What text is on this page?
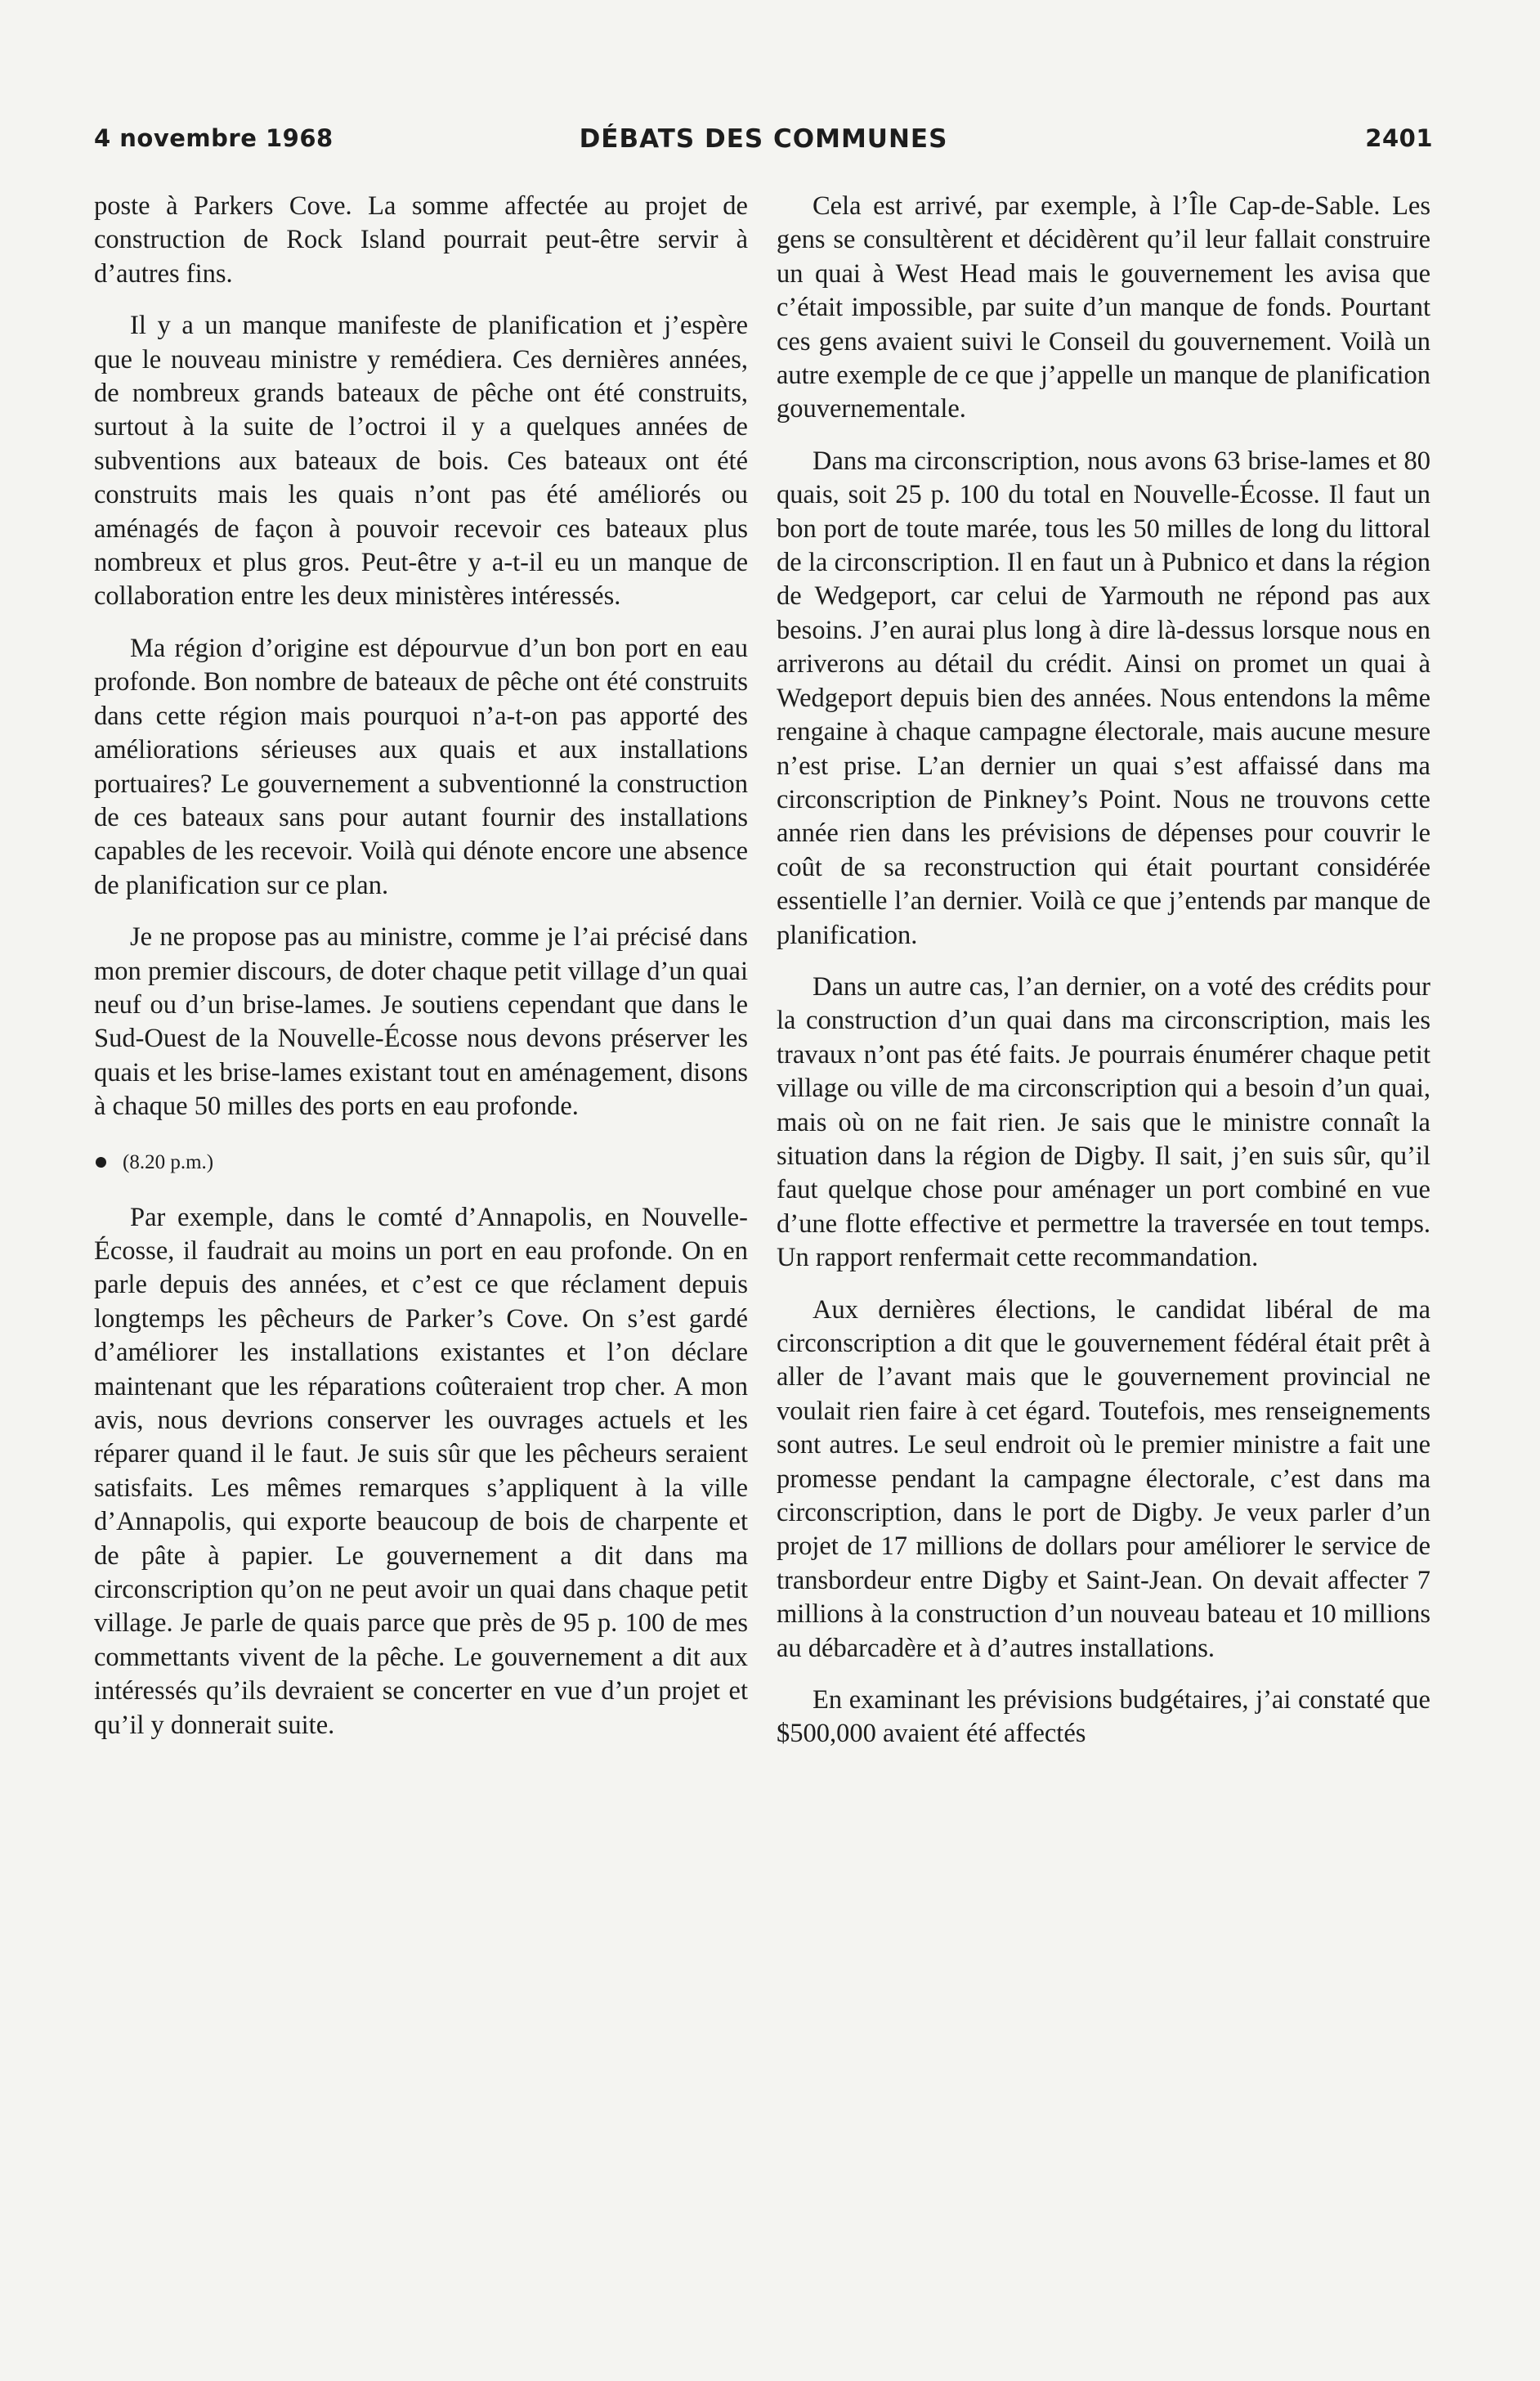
4 novembre 1968	DÉBATS DES COMMUNES	2401

poste à Parkers Cove. La somme affectée au projet de construction de Rock Island pourrait peut-être servir à d’autres fins.

Il y a un manque manifeste de planification et j’espère que le nouveau ministre y remédiera. Ces dernières années, de nombreux grands bateaux de pêche ont été construits, surtout à la suite de l’octroi il y a quelques années de subventions aux bateaux de bois. Ces bateaux ont été construits mais les quais n’ont pas été améliorés ou aménagés de façon à pouvoir recevoir ces bateaux plus nombreux et plus gros. Peut-être y a-t-il eu un manque de collaboration entre les deux ministères intéressés.

Ma région d’origine est dépourvue d’un bon port en eau profonde. Bon nombre de bateaux de pêche ont été construits dans cette région mais pourquoi n’a-t-on pas apporté des améliorations sérieuses aux quais et aux installations portuaires? Le gouvernement a subventionné la construction de ces bateaux sans pour autant fournir des installations capables de les recevoir. Voilà qui dénote encore une absence de planification sur ce plan.

Je ne propose pas au ministre, comme je l’ai précisé dans mon premier discours, de doter chaque petit village d’un quai neuf ou d’un brise-lames. Je soutiens cependant que dans le Sud-Ouest de la Nouvelle-Écosse nous devons préserver les quais et les brise-lames existant tout en aménagement, disons à chaque 50 milles des ports en eau profonde.

(8.20 p.m.)

Par exemple, dans le comté d’Annapolis, en Nouvelle-Écosse, il faudrait au moins un port en eau profonde. On en parle depuis des années, et c’est ce que réclament depuis longtemps les pêcheurs de Parker’s Cove. On s’est gardé d’améliorer les installations existantes et l’on déclare maintenant que les réparations coûteraient trop cher. A mon avis, nous devrions conserver les ouvrages actuels et les réparer quand il le faut. Je suis sûr que les pêcheurs seraient satisfaits. Les mêmes remarques s’appliquent à la ville d’Annapolis, qui exporte beaucoup de bois de charpente et de pâte à papier. Le gouvernement a dit dans ma circonscription qu’on ne peut avoir un quai dans chaque petit village. Je parle de quais parce que près de 95 p. 100 de mes commettants vivent de la pêche. Le gouvernement a dit aux intéressés qu’ils devraient se concerter en vue d’un projet et qu’il y donnerait suite.

Cela est arrivé, par exemple, à l’Île Cap-de-Sable. Les gens se consultèrent et décidèrent qu’il leur fallait construire un quai à West Head mais le gouvernement les avisa que c’était impossible, par suite d’un manque de fonds. Pourtant ces gens avaient suivi le Conseil du gouvernement. Voilà un autre exemple de ce que j’appelle un manque de planification gouvernementale.

Dans ma circonscription, nous avons 63 brise-lames et 80 quais, soit 25 p. 100 du total en Nouvelle-Écosse. Il faut un bon port de toute marée, tous les 50 milles de long du littoral de la circonscription. Il en faut un à Pubnico et dans la région de Wedgeport, car celui de Yarmouth ne répond pas aux besoins. J’en aurai plus long à dire là-dessus lorsque nous en arriverons au détail du crédit. Ainsi on promet un quai à Wedgeport depuis bien des années. Nous entendons la même rengaine à chaque campagne électorale, mais aucune mesure n’est prise. L’an dernier un quai s’est affaissé dans ma circonscription de Pinkney’s Point. Nous ne trouvons cette année rien dans les prévisions de dépenses pour couvrir le coût de sa reconstruction qui était pourtant considérée essentielle l’an dernier. Voilà ce que j’entends par manque de planification.

Dans un autre cas, l’an dernier, on a voté des crédits pour la construction d’un quai dans ma circonscription, mais les travaux n’ont pas été faits. Je pourrais énumérer chaque petit village ou ville de ma circonscription qui a besoin d’un quai, mais où on ne fait rien. Je sais que le ministre connaît la situation dans la région de Digby. Il sait, j’en suis sûr, qu’il faut quelque chose pour aménager un port combiné en vue d’une flotte effective et permettre la traversée en tout temps. Un rapport renfermait cette recommandation.

Aux dernières élections, le candidat libéral de ma circonscription a dit que le gouvernement fédéral était prêt à aller de l’avant mais que le gouvernement provincial ne voulait rien faire à cet égard. Toutefois, mes renseignements sont autres. Le seul endroit où le premier ministre a fait une promesse pendant la campagne électorale, c’est dans ma circonscription, dans le port de Digby. Je veux parler d’un projet de 17 millions de dollars pour améliorer le service de transbordeur entre Digby et Saint-Jean. On devait affecter 7 millions à la construction d’un nouveau bateau et 10 millions au débarcadère et à d’autres installations.

En examinant les prévisions budgétaires, j’ai constaté que $500,000 avaient été affectés
